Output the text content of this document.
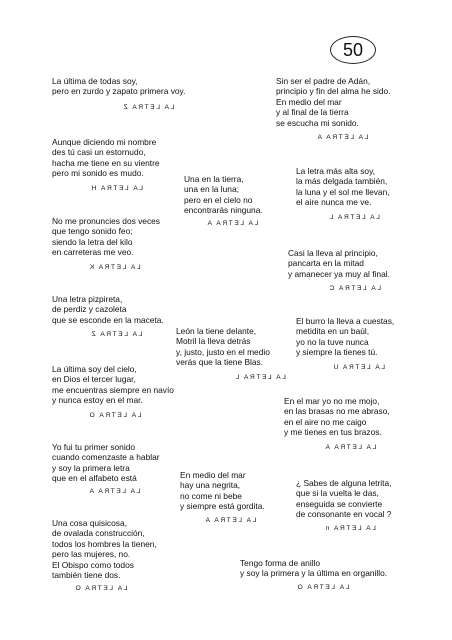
50
La última de todas soy,
pero en zurdo y zapato primera voy.
LA LETRA Z
Sin ser el padre de Adán,
principio y fin del alma he sido.
En medio del mar
y al final de la tierra
se escucha mi sonido.
LA LETRA A
Aunque diciendo mi nombre
des tú casi un estornudo,
hacha me tiene en su vientre
pero mi sonido es mudo.
LA LETRA H
Una en la tierra,
una en la luna;
pero en el cielo no
encontrarás ninguna.
LA LETRA A
La letra más alta soy,
la más delgada también,
la luna y el sol me llevan,
el aire nunca me ve.
LA LETRA L
No me pronuncies dos veces
que tengo sonido feo;
siendo la letra del kilo
en carreteras me veo.
LA LETRA K
Casi la lleva al principio,
pancarta en la mitad
y amanecer ya muy al final.
LA LETRA C
Una letra pizpireta,
de perdiz y cazoleta
que se esconde en la maceta.
LA LETRA Z
El burro la lleva a cuestas,
metidita en un baúl,
yo no la tuve nunca
y siempre la tienes tú.
LA LETRA U
León la tiene delante,
Motril la lleva detrás
y, justo, justo en el medio
verás que la tiene Blas.
LA LETRA L
La última soy del cielo,
en Dios el tercer lugar,
me encuentras siempre en navío
y nunca estoy en el mar.
LA LETRA O
En el mar yo no me mojo,
en las brasas no me abraso,
en el aire no me caigo
y me tienes en tus brazos.
LA LETRA A
Yo fui tu primer sonido
cuando comenzaste a hablar
y soy la primera letra
que en el alfabeto está
LA LETRA A
En medio del mar
hay una negrita,
no come ni bebe
y siempre está gordita.
LA LETRA A
¿ Sabes de alguna letrita,
que si la vuelta le das,
enseguida se convierte
de consonante en vocal ?
LA LETRA n
Una cosa quisicosa,
de ovalada construcción,
todos los hombres la tienen,
pero las mujeres, no.
El Obispo como todos
también tiene dos.
LA LETRA O
Tengo forma de anillo
y soy la primera y la última en organillo.
LA LETRA O
